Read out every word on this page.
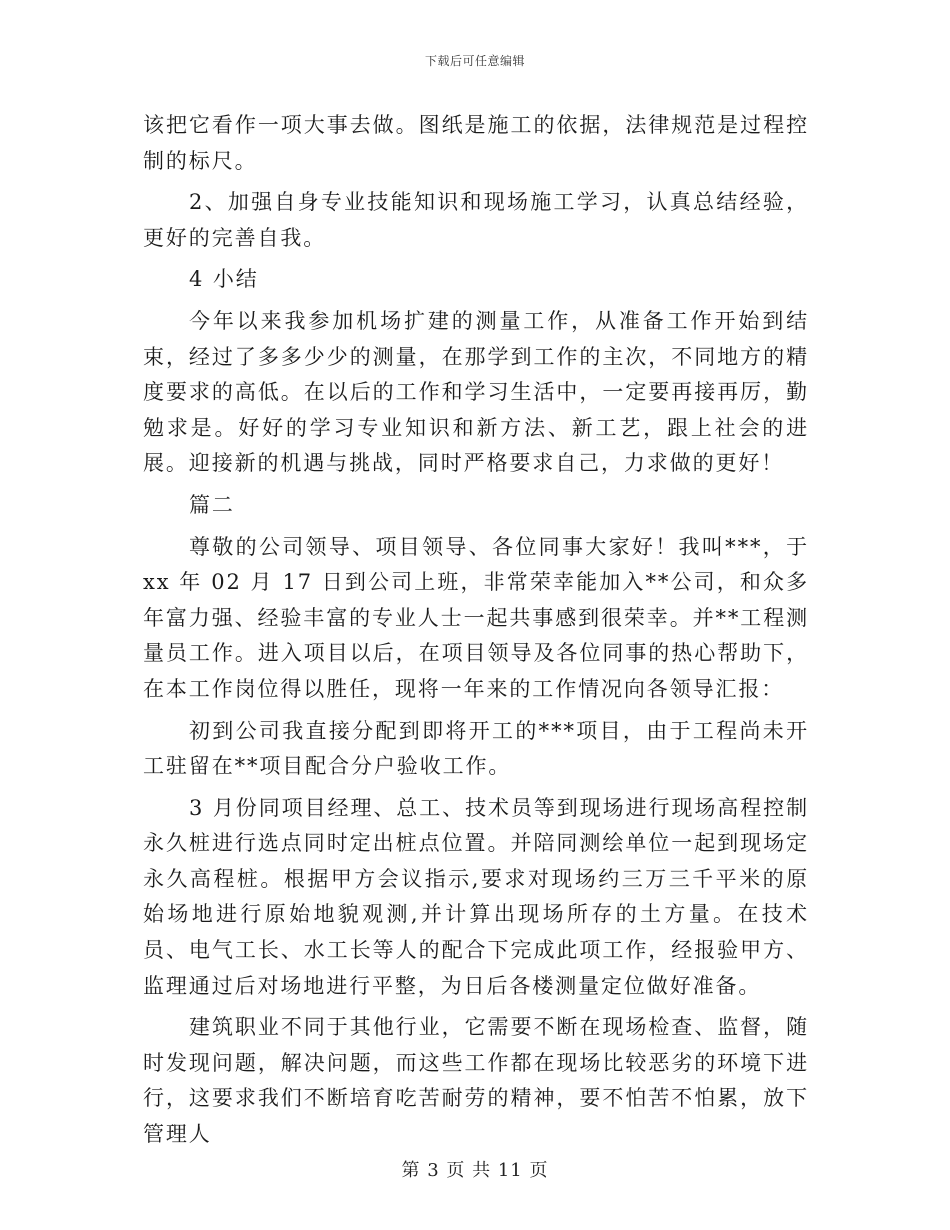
下载后可任意编辑

该把它看作一项大事去做。图纸是施工的依据，法律规范是过程控制的标尺。

2、加强自身专业技能知识和现场施工学习，认真总结经验，更好的完善自我。

4 小结

今年以来我参加机场扩建的测量工作，从准备工作开始到结束，经过了多多少少的测量，在那学到工作的主次，不同地方的精度要求的高低。在以后的工作和学习生活中，一定要再接再厉，勤勉求是。好好的学习专业知识和新方法、新工艺，跟上社会的进展。迎接新的机遇与挑战，同时严格要求自己，力求做的更好！

篇二

尊敬的公司领导、项目领导、各位同事大家好！我叫***，于 xx 年 02 月 17 日到公司上班，非常荣幸能加入**公司，和众多年富力强、经验丰富的专业人士一起共事感到很荣幸。并**工程测量员工作。进入项目以后，在项目领导及各位同事的热心帮助下，在本工作岗位得以胜任，现将一年来的工作情况向各领导汇报：

初到公司我直接分配到即将开工的***项目，由于工程尚未开工驻留在**项目配合分户验收工作。

3 月份同项目经理、总工、技术员等到现场进行现场高程控制永久桩进行选点同时定出桩点位置。并陪同测绘单位一起到现场定永久高程桩。根据甲方会议指示,要求对现场约三万三千平米的原始场地进行原始地貌观测,并计算出现场所存的土方量。在技术员、电气工长、水工长等人的配合下完成此项工作，经报验甲方、监理通过后对场地进行平整，为日后各楼测量定位做好准备。

建筑职业不同于其他行业，它需要不断在现场检查、监督，随时发现问题，解决问题，而这些工作都在现场比较恶劣的环境下进行，这要求我们不断培育吃苦耐劳的精神，要不怕苦不怕累，放下管理人

第 3 页 共 11 页
